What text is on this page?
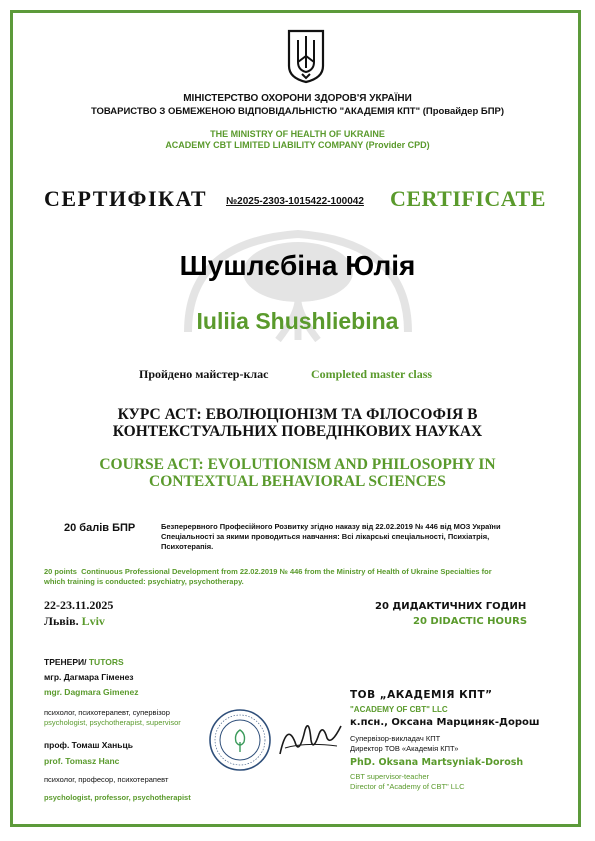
МІНІСТЕРСТВО ОХОРОНИ ЗДОРОВ'Я УКРАЇНИ
ТОВАРИСТВО З ОБМЕЖЕНОЮ ВІДПОВІДАЛЬНІСТЮ "АКАДЕМІЯ КПТ" (Провайдер БПР)
THE MINISTRY OF HEALTH OF UKRAINE
ACADEMY CBT LIMITED LIABILITY COMPANY (Provider CPD)
СЕРТИФІКАТ №2025-2303-1015422-100042 CERTIFICATE
Шушлєбіна Юлія
Iuliia Shushliebina
Пройдено майстер-клас	Completed master class
КУРС АСТ: ЕВОЛЮЦІОНІЗМ ТА ФІЛОСОФІЯ В
КОНТЕКСТУАЛЬНИХ ПОВЕДІНКОВИХ НАУКАХ
COURSE ACT: EVOLUTIONISM AND PHILOSOPHY IN
CONTEXTUAL BEHAVIORAL SCIENCES
20 балів БПР	Безперервного Професійного Розвитку згідно наказу від 22.02.2019 № 446 від МОЗ України
Спеціальності за якими проводиться навчання: Всі лікарські спеціальності, Психіатрія,
Психотерапія.
20 points Continuous Professional Development from 22.02.2019 № 446 from the Ministry of Health of Ukraine Specialties for
which training is conducted: psychiatry, psychotherapy.
22-23.11.2025
Львів. Lviv
20 ДИДАКТИЧНИХ ГОДИН
20 DIDACTIC HOURS
ТРЕНЕРИ/ TUTORS
мгр. Дагмара Гіменез
mgr. Dagmara Gimenez
психолог, психотерапевт, супервізор
psychologist, psychotherapist, supervisor
проф. Томаш Ханьць
prof. Tomasz Hanc
психолог, професор, психотерапевт
psychologist, professor, psychotherapist
ТОВ „АКАДЕМІЯ КПТ”
"ACADEMY OF CBT" LLC
к.псн., Оксана Марциняк-Дорош
Супервізор-викладач КПТ
Директор ТОВ «Академія КПТ»
PhD. Oksana Martsyniak-Dorosh
CBT supervisor-teacher
Director of "Academy of CBT" LLC
